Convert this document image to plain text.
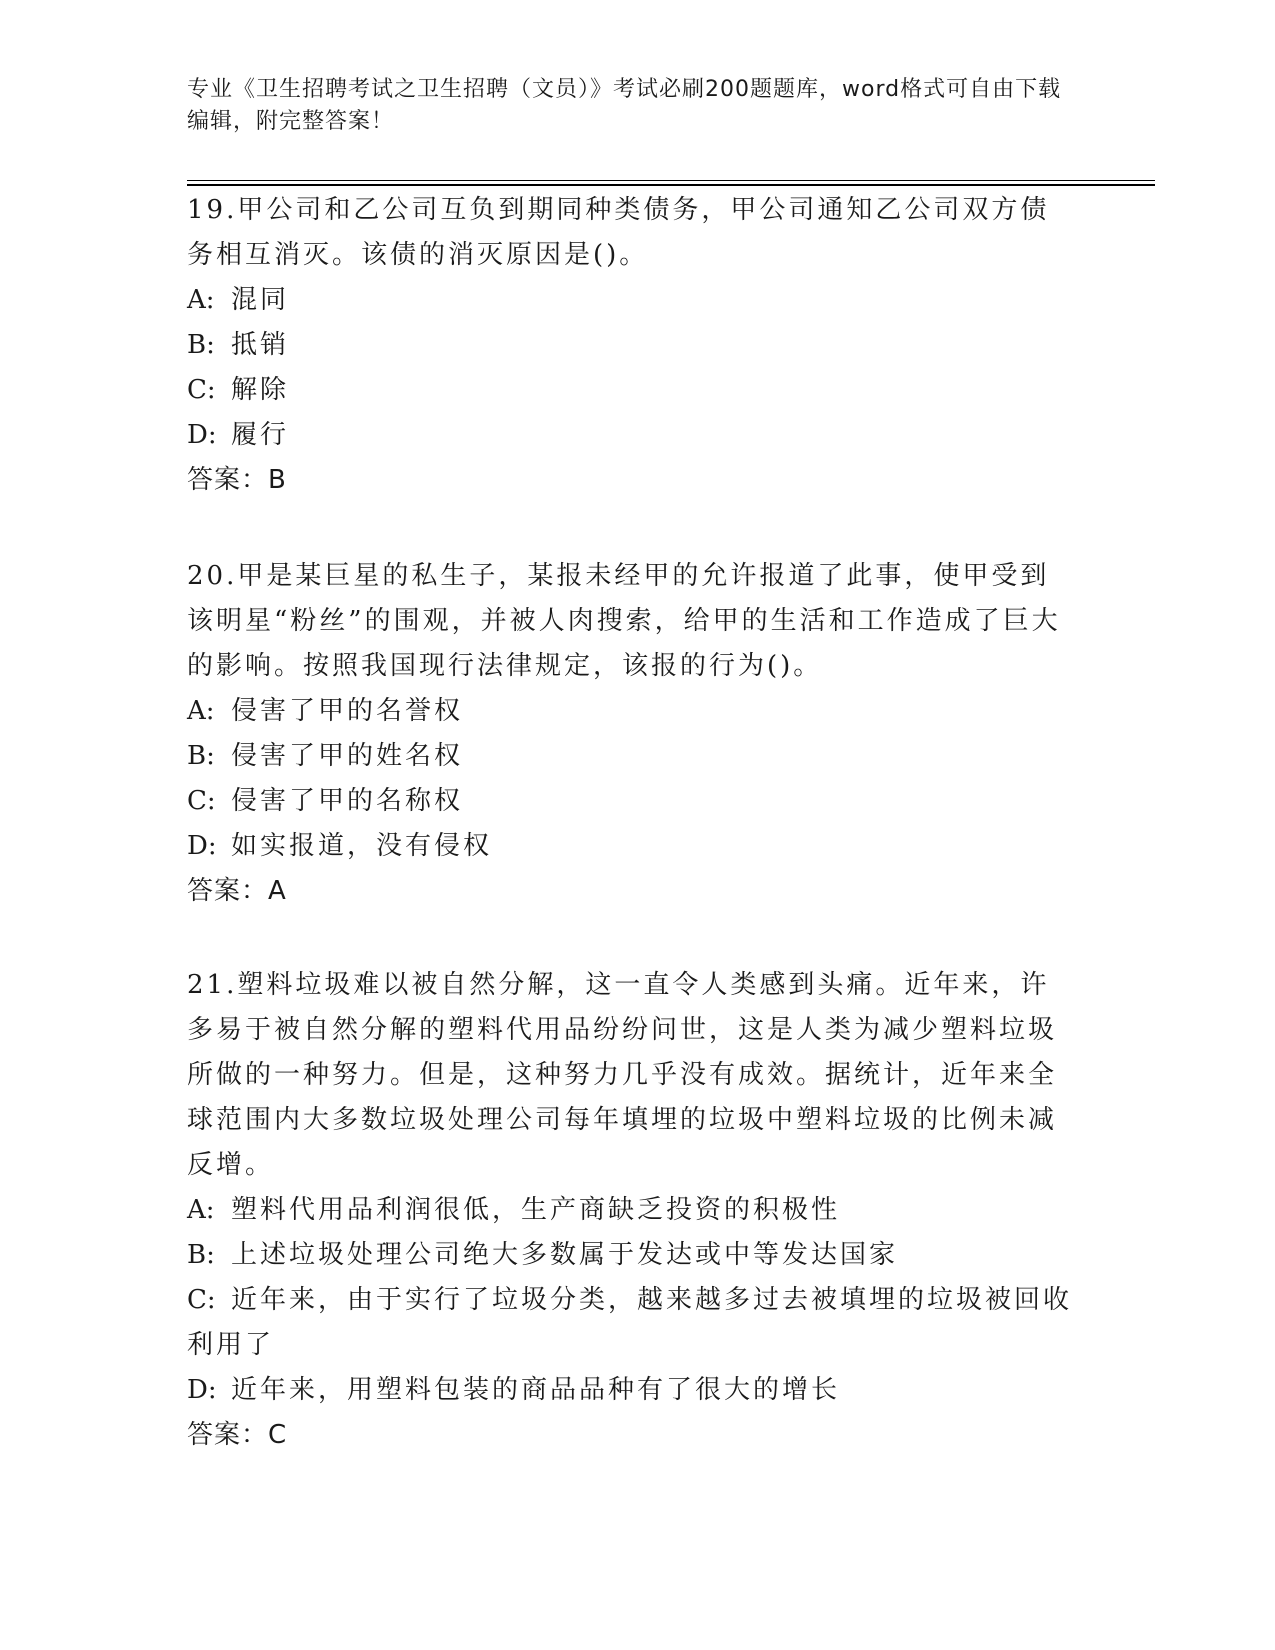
专业《卫生招聘考试之卫生招聘（文员）》考试必刷200题题库，word格式可自由下载编辑，附完整答案！

19.甲公司和乙公司互负到期同种类债务，甲公司通知乙公司双方债务相互消灭。该债的消灭原因是()。

A: 混同

B: 抵销

C: 解除

D: 履行

答案：B

20.甲是某巨星的私生子，某报未经甲的允许报道了此事，使甲受到该明星“粉丝”的围观，并被人肉搜索，给甲的生活和工作造成了巨大的影响。按照我国现行法律规定，该报的行为()。

A: 侵害了甲的名誉权

B: 侵害了甲的姓名权

C: 侵害了甲的名称权

D: 如实报道，没有侵权

答案：A

21.塑料垃圾难以被自然分解，这一直令人类感到头痛。近年来，许多易于被自然分解的塑料代用品纷纷问世，这是人类为减少塑料垃圾所做的一种努力。但是，这种努力几乎没有成效。据统计，近年来全球范围内大多数垃圾处理公司每年填埋的垃圾中塑料垃圾的比例未减反增。

A: 塑料代用品利润很低，生产商缺乏投资的积极性

B: 上述垃圾处理公司绝大多数属于发达或中等发达国家

C: 近年来，由于实行了垃圾分类，越来越多过去被填埋的垃圾被回收利用了

D: 近年来，用塑料包装的商品品种有了很大的增长

答案：C
